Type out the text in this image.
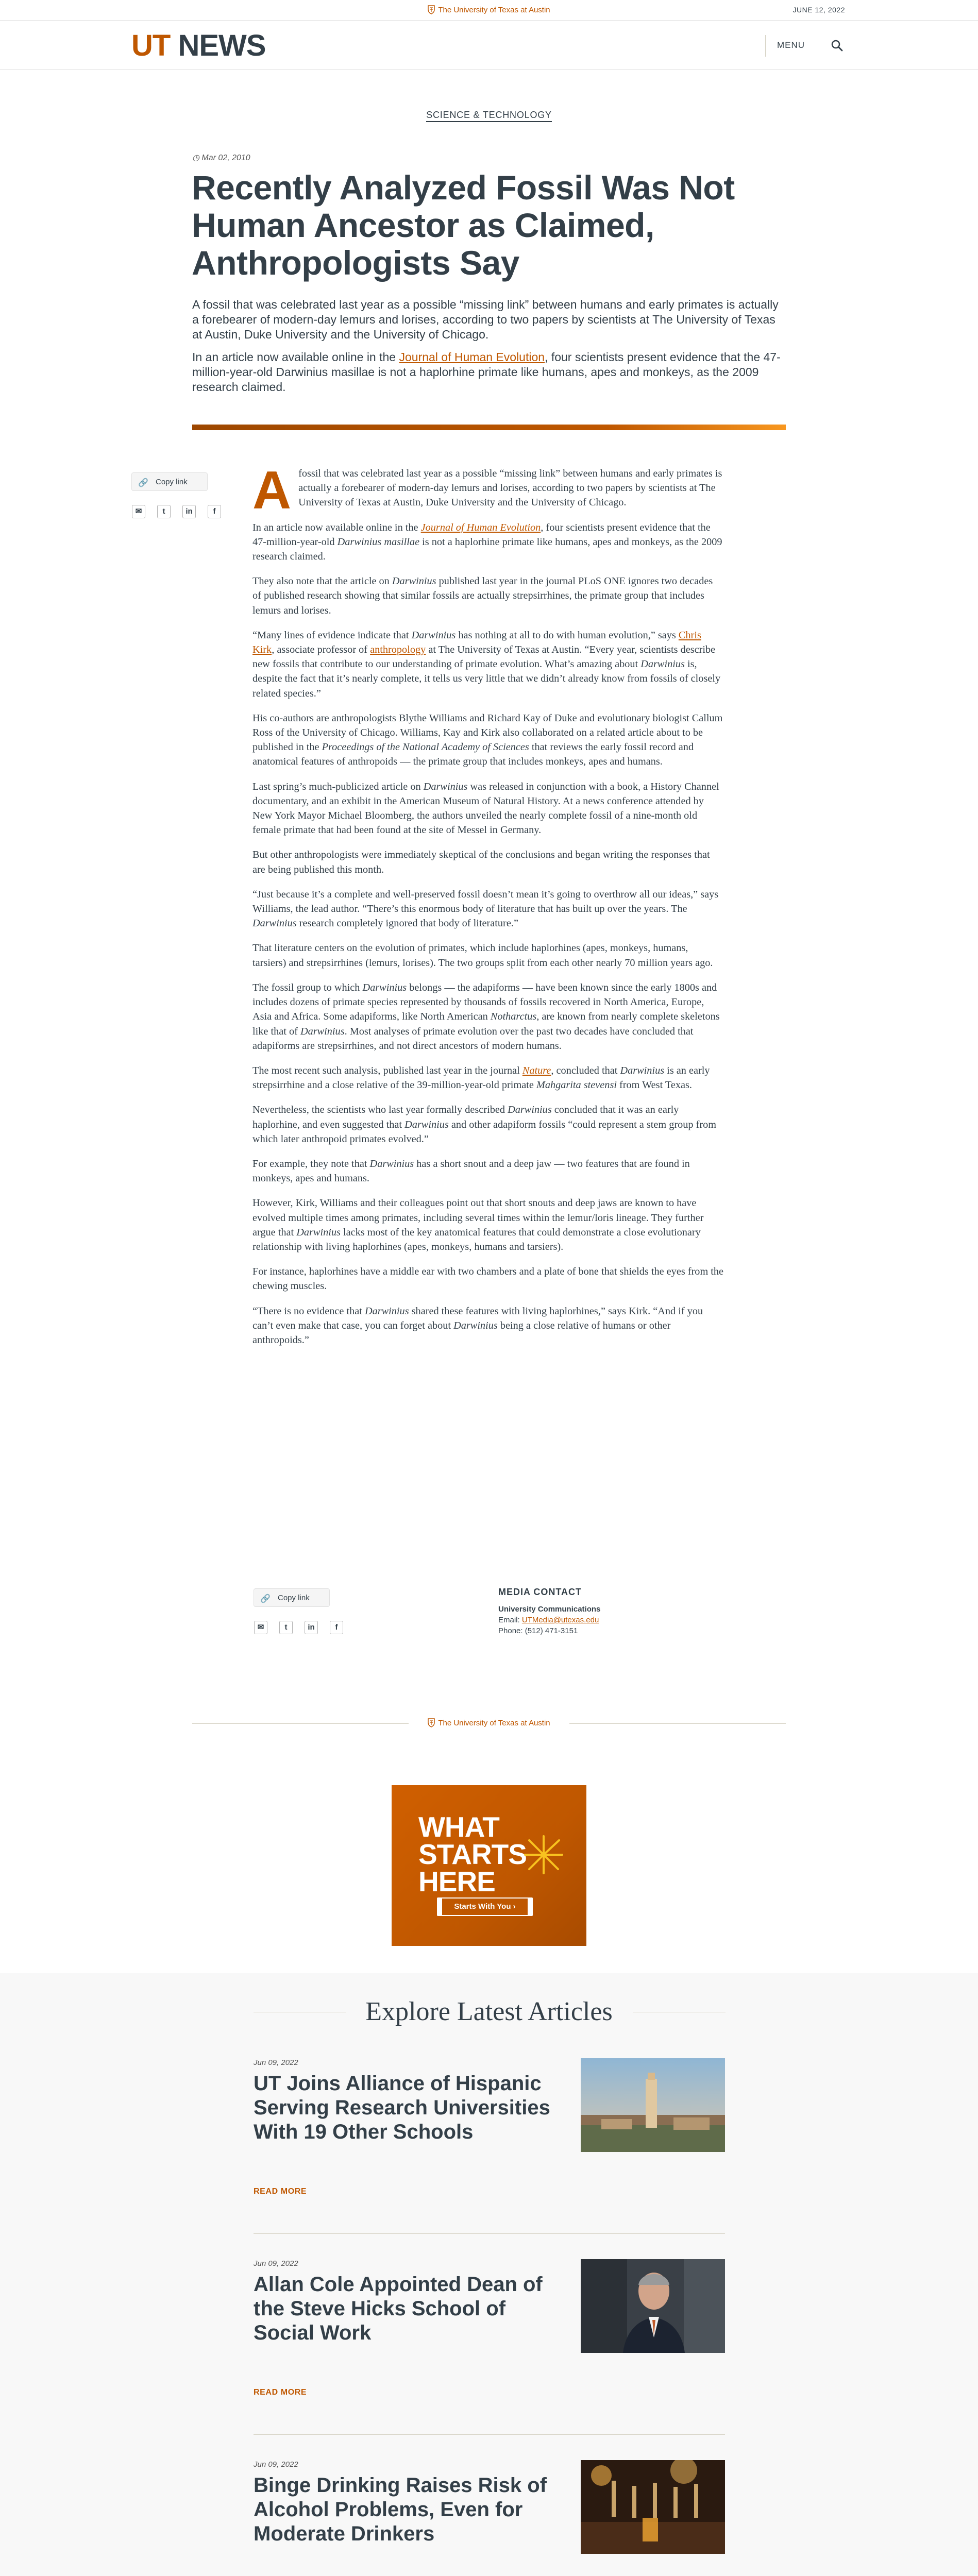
The University of Texas at Austin	JUNE 12, 2022
UT NEWS	MENU
SCIENCE & TECHNOLOGY
◷ Mar 02, 2010
Recently Analyzed Fossil Was Not Human Ancestor as Claimed, Anthropologists Say

A fossil that was celebrated last year as a possible “missing link” between humans and early primates is actually a forebearer of modern-day lemurs and lorises, according to two papers by scientists at The University of Texas at Austin, Duke University and the University of Chicago.

In an article now available online in the Journal of Human Evolution, four scientists present evidence that the 47-million-year-old Darwinius masillae is not a haplorhine primate like humans, apes and monkeys, as the 2009 research claimed.

🔗 Copy link
✉	t	in	f Afossil that was celebrated last year as a possible “missing link” between humans and early primates is actually a forebearer of modern-day lemurs and lorises, according to two papers by scientists at The University of Texas at Austin, Duke University and the University of Chicago.

In an article now available online in the Journal of Human Evolution, four scientists present evidence that the 47-million-year-old Darwinius masillae is not a haplorhine primate like humans, apes and monkeys, as the 2009 research claimed.

They also note that the article on Darwinius published last year in the journal PLoS ONE ignores two decades of published research showing that similar fossils are actually strepsirrhines, the primate group that includes lemurs and lorises.

“Many lines of evidence indicate that Darwinius has nothing at all to do with human evolution,” says Chris Kirk, associate professor of anthropology at The University of Texas at Austin. “Every year, scientists describe new fossils that contribute to our understanding of primate evolution. What’s amazing about Darwinius is, despite the fact that it’s nearly complete, it tells us very little that we didn’t already know from fossils of closely related species.”

His co-authors are anthropologists Blythe Williams and Richard Kay of Duke and evolutionary biologist Callum Ross of the University of Chicago. Williams, Kay and Kirk also collaborated on a related article about to be published in the Proceedings of the National Academy of Sciences that reviews the early fossil record and anatomical features of anthropoids — the primate group that includes monkeys, apes and humans.

Last spring’s much-publicized article on Darwinius was released in conjunction with a book, a History Channel documentary, and an exhibit in the American Museum of Natural History. At a news conference attended by New York Mayor Michael Bloomberg, the authors unveiled the nearly complete fossil of a nine-month old female primate that had been found at the site of Messel in Germany.

But other anthropologists were immediately skeptical of the conclusions and began writing the responses that are being published this month.

“Just because it’s a complete and well-preserved fossil doesn’t mean it’s going to overthrow all our ideas,” says Williams, the lead author. “There’s this enormous body of literature that has built up over the years. The Darwinius research completely ignored that body of literature.”

That literature centers on the evolution of primates, which include haplorhines (apes, monkeys, humans, tarsiers) and strepsirrhines (lemurs, lorises). The two groups split from each other nearly 70 million years ago.

The fossil group to which Darwinius belongs — the adapiforms — have been known since the early 1800s and includes dozens of primate species represented by thousands of fossils recovered in North America, Europe, Asia and Africa. Some adapiforms, like North American Notharctus, are known from nearly complete skeletons like that of Darwinius. Most analyses of primate evolution over the past two decades have concluded that adapiforms are strepsirrhines, and not direct ancestors of modern humans.

The most recent such analysis, published last year in the journal Nature, concluded that Darwinius is an early strepsirrhine and a close relative of the 39-million-year-old primate Mahgarita stevensi from West Texas.

Nevertheless, the scientists who last year formally described Darwinius concluded that it was an early haplorhine, and even suggested that Darwinius and other adapiform fossils “could represent a stem group from which later anthropoid primates evolved.”

For example, they note that Darwinius has a short snout and a deep jaw — two features that are found in monkeys, apes and humans.

However, Kirk, Williams and their colleagues point out that short snouts and deep jaws are known to have evolved multiple times among primates, including several times within the lemur/loris lineage. They further argue that Darwinius lacks most of the key anatomical features that could demonstrate a close evolutionary relationship with living haplorhines (apes, monkeys, humans and tarsiers).

For instance, haplorhines have a middle ear with two chambers and a plate of bone that shields the eyes from the chewing muscles.

“There is no evidence that Darwinius shared these features with living haplorhines,” says Kirk. “And if you can’t even make that case, you can forget about Darwinius being a close relative of humans or other anthropoids.”

🔗 Copy link
✉	t	in	f
MEDIA CONTACT
University Communications
Email: UTMedia@utexas.edu
Phone: (512) 471-3151
The University of Texas at Austin
WHAT
STARTS
HERE
Starts With You ›
Explore Latest Articles
Jun 09, 2022
UT Joins Alliance of Hispanic Serving Research Universities With 19 Other Schools
READ MORE
Jun 09, 2022
Allan Cole Appointed Dean of the Steve Hicks School of Social Work
READ MORE
Jun 09, 2022
Binge Drinking Raises Risk of Alcohol Problems, Even for Moderate Drinkers
